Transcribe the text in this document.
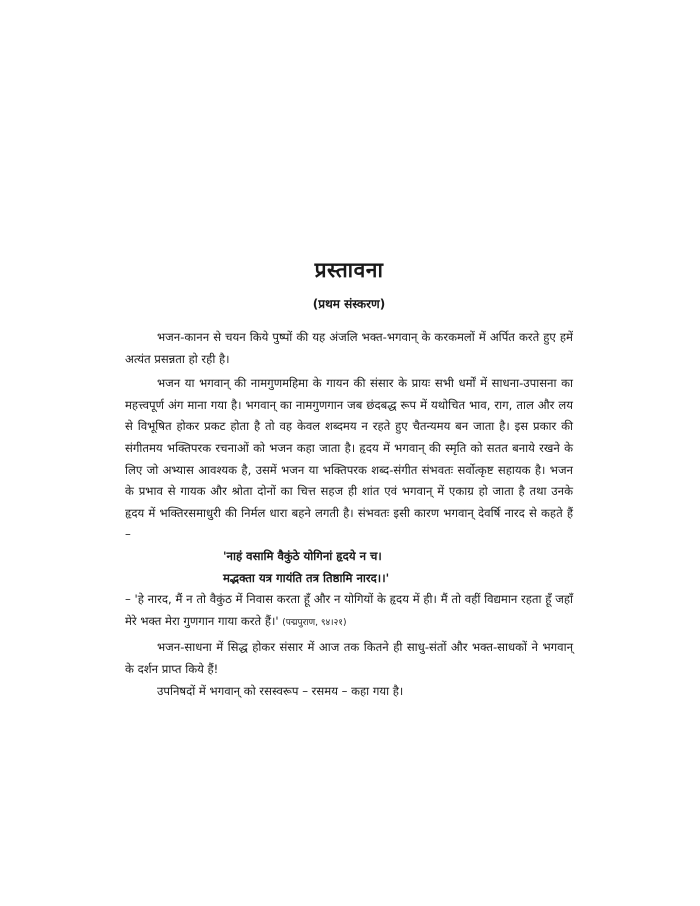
प्रस्तावना
(प्रथम संस्करण)

भजन-कानन से चयन किये पुष्पों की यह अंजलि भक्त-भगवान् के करकमलों में अर्पित करते हुए हमें अत्यंत प्रसन्नता हो रही है।

भजन या भगवान् की नामगुणमहिमा के गायन की संसार के प्रायः सभी धर्मों में साधना-उपासना का महत्त्वपूर्ण अंग माना गया है। भगवान् का नामगुणगान जब छंदबद्ध रूप में यथोचित भाव, राग, ताल और लय से विभूषित होकर प्रकट होता है तो वह केवल शब्दमय न रहते हुए चैतन्यमय बन जाता है। इस प्रकार की संगीतमय भक्तिपरक रचनाओं को भजन कहा जाता है। हृदय में भगवान् की स्मृति को सतत बनाये रखने के लिए जो अभ्यास आवश्यक है, उसमें भजन या भक्तिपरक शब्द-संगीत संभवतः सर्वोत्कृष्ट सहायक है। भजन के प्रभाव से गायक और श्रोता दोनों का चित्त सहज ही शांत एवं भगवान् में एकाग्र हो जाता है तथा उनके हृदय में भक्तिरसमाधुरी की निर्मल धारा बहने लगती है। संभवतः इसी कारण भगवान् देवर्षि नारद से कहते हैं –

'नाहं वसामि वैकुंठे योगिनां हृदये न च।

मद्भक्ता यत्र गायंति तत्र तिष्ठामि नारद।।'

– 'हे नारद, मैं न तो वैकुंठ में निवास करता हूँ और न योगियों के हृदय में ही। मैं तो वहीं विद्यमान रहता हूँ जहाँ मेरे भक्त मेरा गुणगान गाया करते हैं।' (पद्मपुराण, ९४।२१)

भजन-साधना में सिद्ध होकर संसार में आज तक कितने ही साधु-संतों और भक्त-साधकों ने भगवान् के दर्शन प्राप्त किये हैं!

उपनिषदों में भगवान् को रसस्वरूप – रसमय – कहा गया है।
